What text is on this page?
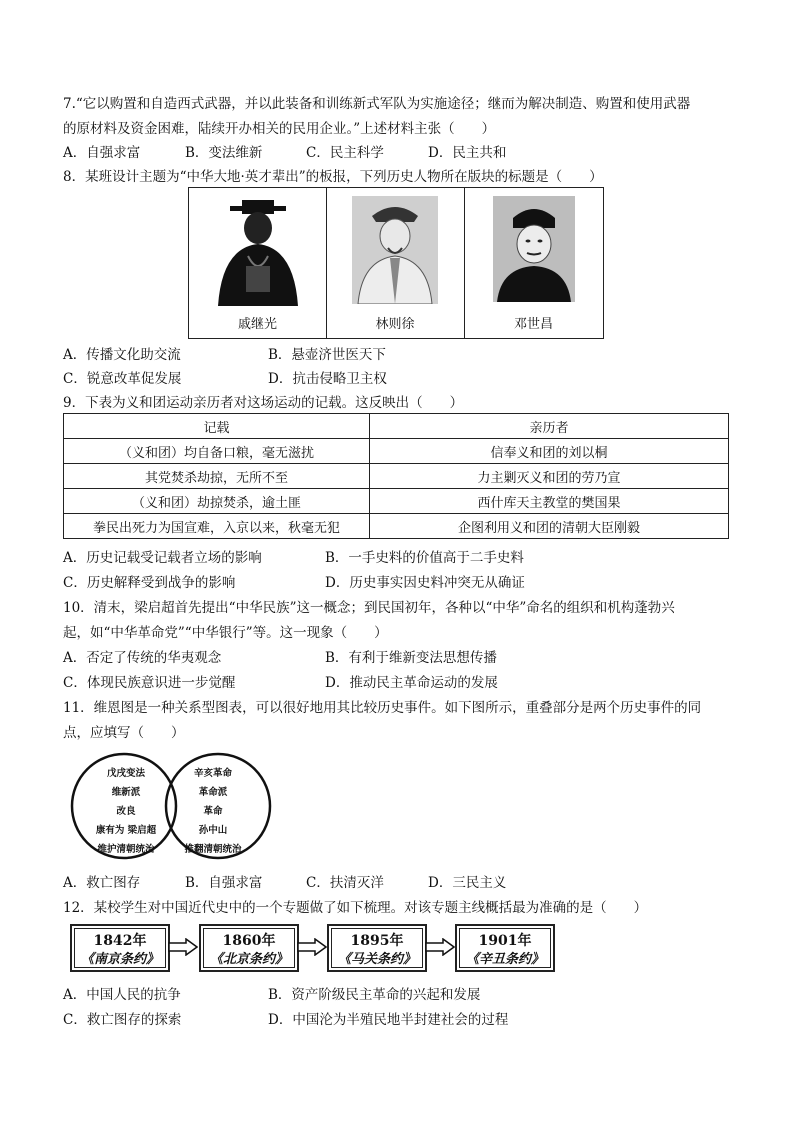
7.“它以购置和自造西式武器，并以此装备和训练新式军队为实施途径；继而为解决制造、购置和使用武器
的原材料及资金困难，陆续开办相关的民用企业。”上述材料主张（　　）
A．自强求富	B．变法维新	C．民主科学	D．民主共和
8．某班设计主题为“中华大地·英才辈出”的板报，下列历史人物所在版块的标题是（　　）
戚继光	林则徐	邓世昌
A．传播文化助交流	B．悬壶济世医天下
C．锐意改革促发展	D．抗击侵略卫主权
9．下表为义和团运动亲历者对这场运动的记载。这反映出（　　）
记载	亲历者
（义和团）均自备口粮，毫无滋扰	信奉义和团的刘以桐
其党焚杀劫掠，无所不至	力主剿灭义和团的劳乃宣
（义和团）劫掠焚杀，逾土匪	西什库天主教堂的樊国果
拳民出死力为国宣难，入京以来，秋毫无犯	企图利用义和团的清朝大臣刚毅
A．历史记载受记载者立场的影响	B．一手史料的价值高于二手史料
C．历史解释受到战争的影响	D．历史事实因史料冲突无从确证
10．清末，梁启超首先提出“中华民族”这一概念；到民国初年，各种以“中华”命名的组织和机构蓬勃兴
起，如“中华革命党”“中华银行”等。这一现象（　　）
A．否定了传统的华夷观念	B．有利于维新变法思想传播
C．体现民族意识进一步觉醒	D．推动民主革命运动的发展
11．维恩图是一种关系型图表，可以很好地用其比较历史事件。如下图所示，重叠部分是两个历史事件的同
点，应填写（　　）
戊戌变法
维新派
改良
康有为 梁启超
维护清朝统治
辛亥革命
革命派
革命
孙中山
推翻清朝统治
A．救亡图存	B．自强求富	C．扶清灭洋	D．三民主义
12．某校学生对中国近代史中的一个专题做了如下梳理。对该专题主线概括最为准确的是（　　）
1842年
《南京条约》
1860年
《北京条约》
1895年
《马关条约》
1901年
《辛丑条约》
A．中国人民的抗争	B．资产阶级民主革命的兴起和发展
C．救亡图存的探索	D．中国沦为半殖民地半封建社会的过程
